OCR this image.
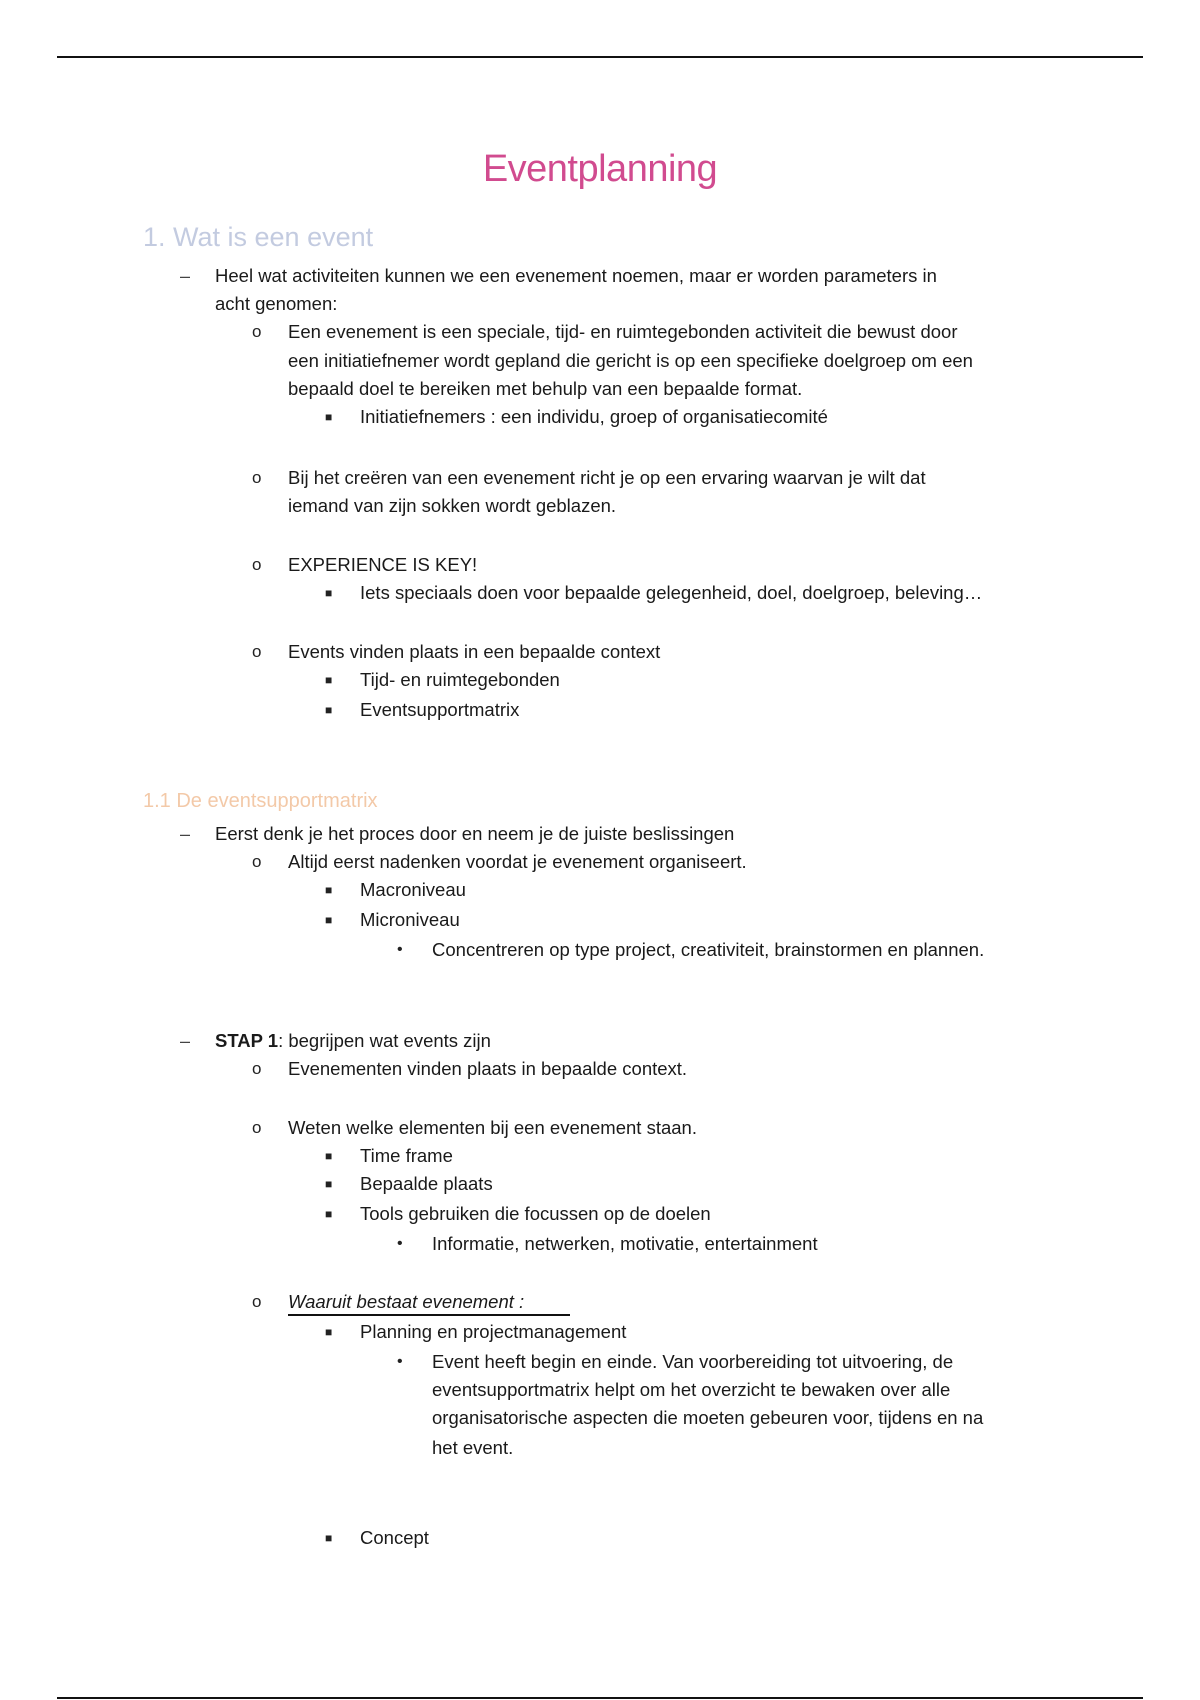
Eventplanning
1. Wat is een event
– Heel wat activiteiten kunnen we een evenement noemen, maar er worden parameters in
acht genomen:
o Een evenement is een speciale, tijd- en ruimtegebonden activiteit die bewust door
een initiatiefnemer wordt gepland die gericht is op een specifieke doelgroep om een
bepaald doel te bereiken met behulp van een bepaalde format.
■ Initiatiefnemers : een individu, groep of organisatiecomité
o Bij het creëren van een evenement richt je op een ervaring waarvan je wilt dat
iemand van zijn sokken wordt geblazen.
o EXPERIENCE IS KEY!
■ Iets speciaals doen voor bepaalde gelegenheid, doel, doelgroep, beleving…
o Events vinden plaats in een bepaalde context
■ Tijd- en ruimtegebonden
■ Eventsupportmatrix
1.1 De eventsupportmatrix
– Eerst denk je het proces door en neem je de juiste beslissingen
o Altijd eerst nadenken voordat je evenement organiseert.
■ Macroniveau
■ Microniveau
• Concentreren op type project, creativiteit, brainstormen en plannen.
– STAP 1: begrijpen wat events zijn
o Evenementen vinden plaats in bepaalde context.
o Weten welke elementen bij een evenement staan.
■ Time frame
■ Bepaalde plaats
■ Tools gebruiken die focussen op de doelen
• Informatie, netwerken, motivatie, entertainment
o Waaruit bestaat evenement :
■ Planning en projectmanagement
• Event heeft begin en einde. Van voorbereiding tot uitvoering, de
eventsupportmatrix helpt om het overzicht te bewaken over alle
organisatorische aspecten die moeten gebeuren voor, tijdens en na
het event.
■ Concept
